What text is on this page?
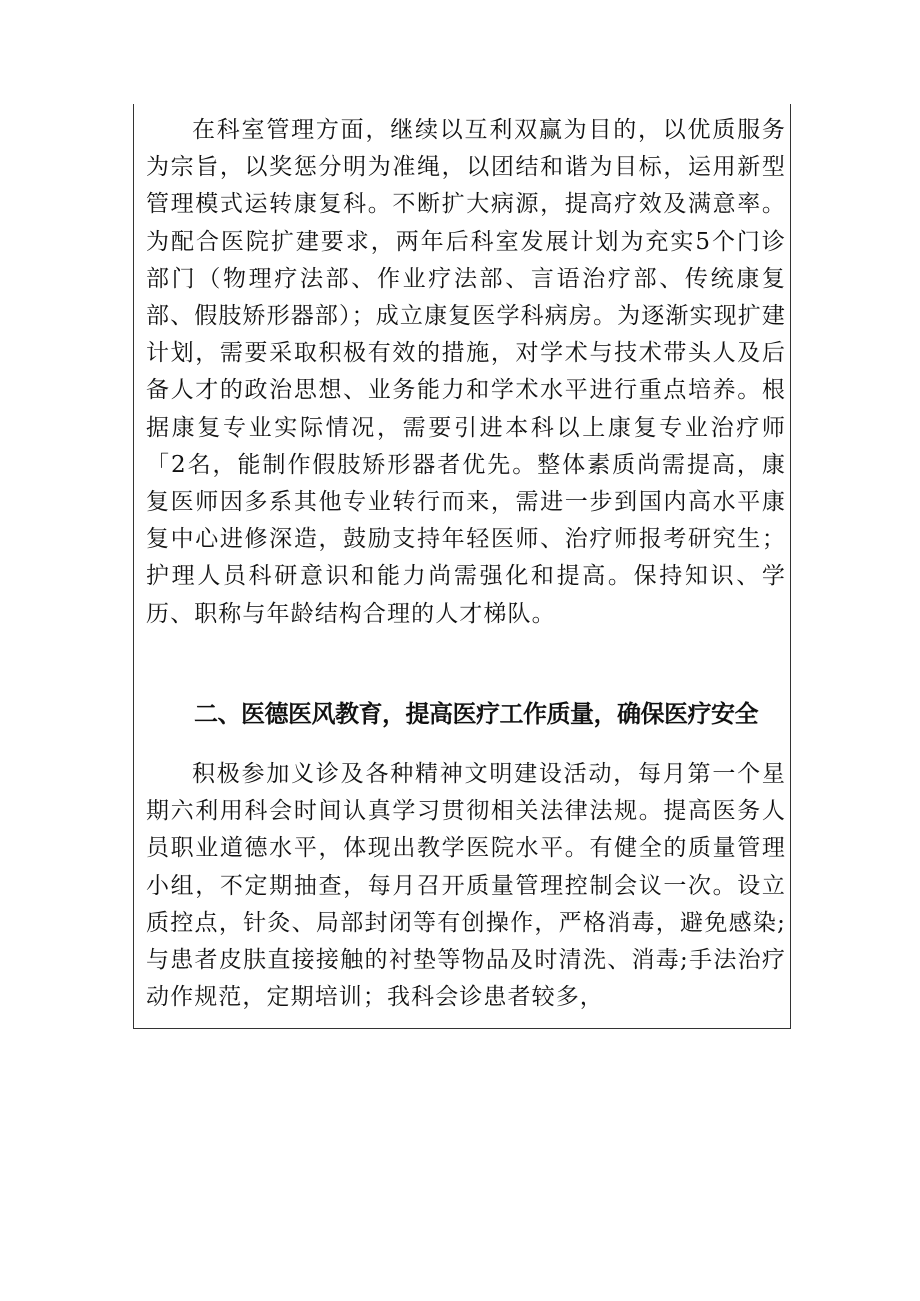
在科室管理方面，继续以互利双赢为目的，以优质服务为宗旨，以奖惩分明为准绳，以团结和谐为目标，运用新型管理模式运转康复科。不断扩大病源，提高疗效及满意率。为配合医院扩建要求，两年后科室发展计划为充实5个门诊部门（物理疗法部、作业疗法部、言语治疗部、传统康复部、假肢矫形器部）；成立康复医学科病房。为逐渐实现扩建计划，需要采取积极有效的措施，对学术与技术带头人及后备人才的政治思想、业务能力和学术水平进行重点培养。根据康复专业实际情况，需要引进本科以上康复专业治疗师「2名，能制作假肢矫形器者优先。整体素质尚需提高，康复医师因多系其他专业转行而来，需进一步到国内高水平康复中心进修深造，鼓励支持年轻医师、治疗师报考研究生；护理人员科研意识和能力尚需强化和提高。保持知识、学历、职称与年龄结构合理的人才梯队。

二、医德医风教育，提高医疗工作质量，确保医疗安全

积极参加义诊及各种精神文明建设活动，每月第一个星期六利用科会时间认真学习贯彻相关法律法规。提高医务人员职业道德水平，体现出教学医院水平。有健全的质量管理小组，不定期抽查，每月召开质量管理控制会议一次。设立质控点，针灸、局部封闭等有创操作，严格消毒，避免感染;与患者皮肤直接接触的衬垫等物品及时清洗、消毒;手法治疗动作规范，定期培训；我科会诊患者较多，
